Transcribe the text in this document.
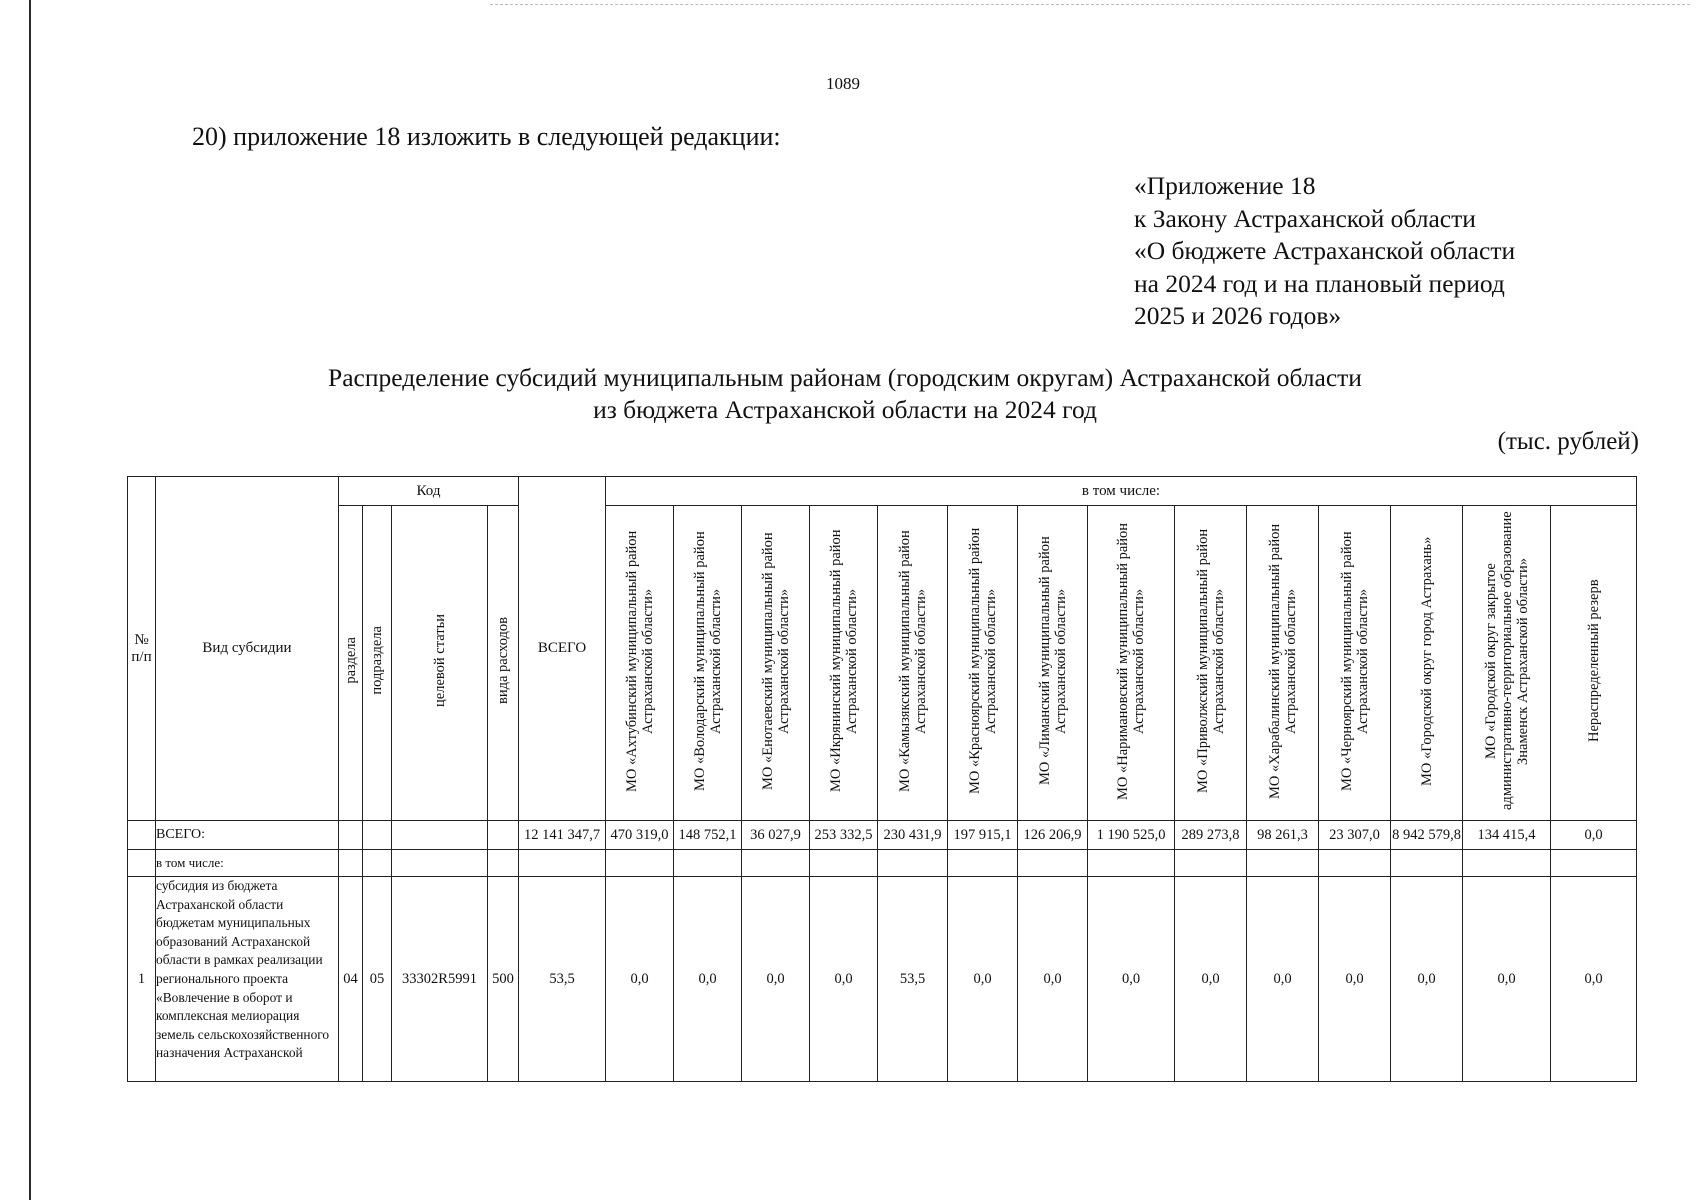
1089
20) приложение 18 изложить в следующей редакции:
«Приложение 18
к Закону Астраханской области
«О бюджете Астраханской области
на 2024 год и на плановый период
2025 и 2026 годов»
Распределение субсидий муниципальным районам (городским округам) Астраханской области
из бюджета Астраханской области на 2024 год
(тыс. рублей)
№ п/п	Вид субсидии	Код				ВСЕГО	в том числе:													
		раздела	подраздела	целевой статьи	вида расходов		МО «Ахтубинский муниципальный район Астраханской области»	МО «Володарский муниципальный район Астраханской области»	МО «Енотаевский муниципальный район Астраханской области»	МО «Икрянинский муниципальный район Астраханской области»	МО «Камызякский муниципальный район Астраханской области»	МО «Красноярский муниципальный район Астраханской области»	МО «Лиманский муниципальный район Астраханской области»	МО «Наримановский муниципальный район Астраханской области»	МО «Приволжский муниципальный район Астраханской области»	МО «Харабалинский муниципальный район Астраханской области»	МО «Черноярский муниципальный район Астраханской области»	МО «Городской округ город Астрахань»	МО «Городской округ закрытое административно-территориальное образование Знаменск Астраханской области»	Нераспределенный резерв
	ВСЕГО:					12 141 347,7	470 319,0	148 752,1	36 027,9	253 332,5	230 431,9	197 915,1	126 206,9	1 190 525,0	289 273,8	98 261,3	23 307,0	8 942 579,8	134 415,4	0,0
	в том числе:																			
1	субсидия из бюджета Астраханской области бюджетам муниципальных образований Астраханской области в рамках реализации регионального проекта «Вовлечение в оборот и комплексная мелиорация земель сельскохозяйственного назначения Астраханской	04	05	33302R5991	500	53,5	0,0	0,0	0,0	0,0	53,5	0,0	0,0	0,0	0,0	0,0	0,0	0,0	0,0	0,0
